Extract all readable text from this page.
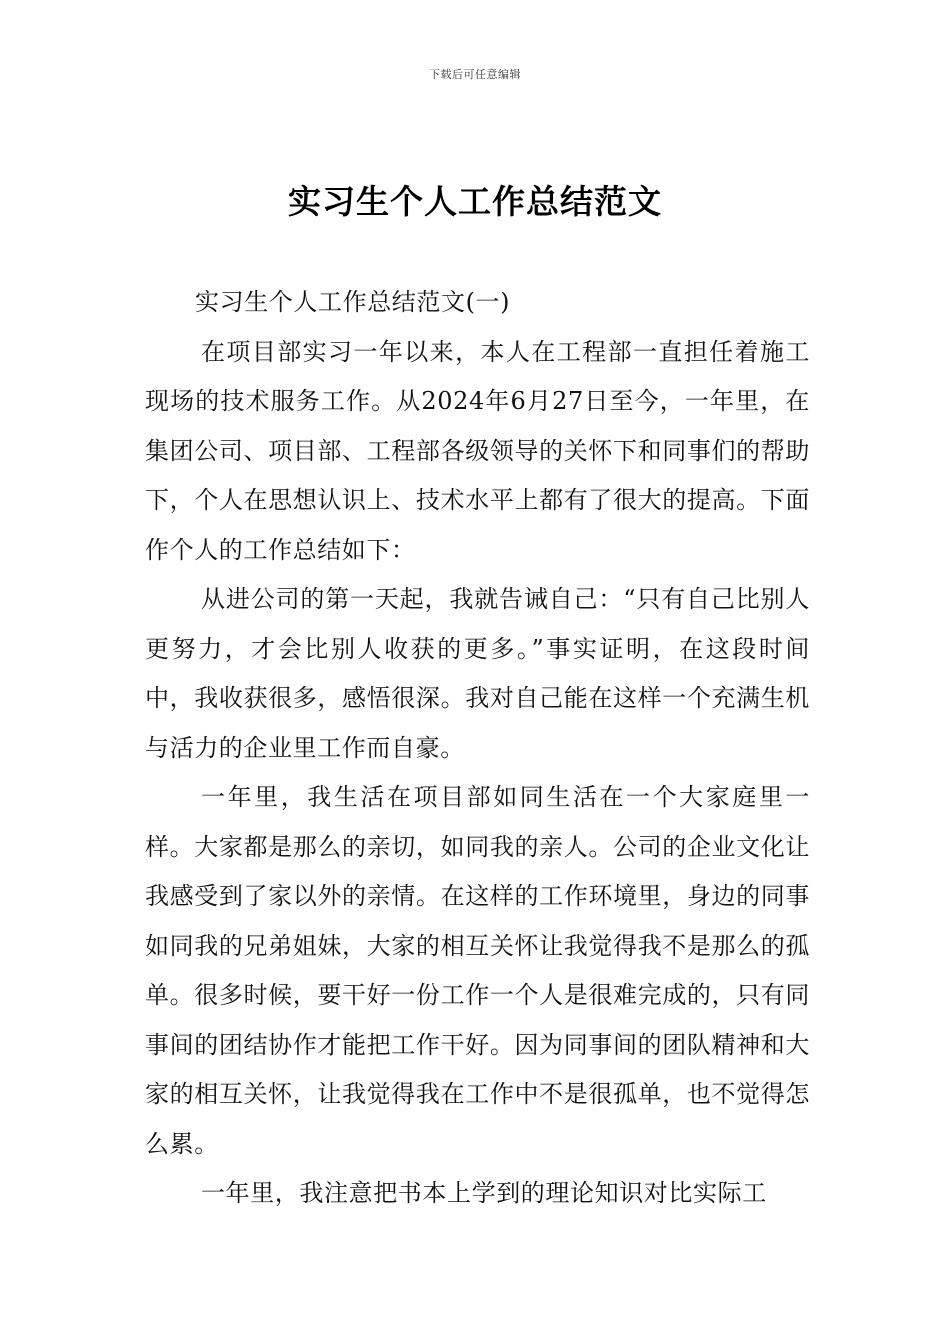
下载后可任意编辑
实习生个人工作总结范文

实习生个人工作总结范文(一)

在项目部实习一年以来，本人在工程部一直担任着施工现场的技术服务工作。从2024年6月27日至今，一年里，在集团公司、项目部、工程部各级领导的关怀下和同事们的帮助下，个人在思想认识上、技术水平上都有了很大的提高。下面作个人的工作总结如下：

从进公司的第一天起，我就告诫自己：“只有自己比别人更努力，才会比别人收获的更多。”事实证明，在这段时间中，我收获很多，感悟很深。我对自己能在这样一个充满生机与活力的企业里工作而自豪。

一年里，我生活在项目部如同生活在一个大家庭里一样。大家都是那么的亲切，如同我的亲人。公司的企业文化让我感受到了家以外的亲情。在这样的工作环境里，身边的同事如同我的兄弟姐妹，大家的相互关怀让我觉得我不是那么的孤单。很多时候，要干好一份工作一个人是很难完成的，只有同事间的团结协作才能把工作干好。因为同事间的团队精神和大家的相互关怀，让我觉得我在工作中不是很孤单，也不觉得怎么累。

一年里，我注意把书本上学到的理论知识对比实际工
